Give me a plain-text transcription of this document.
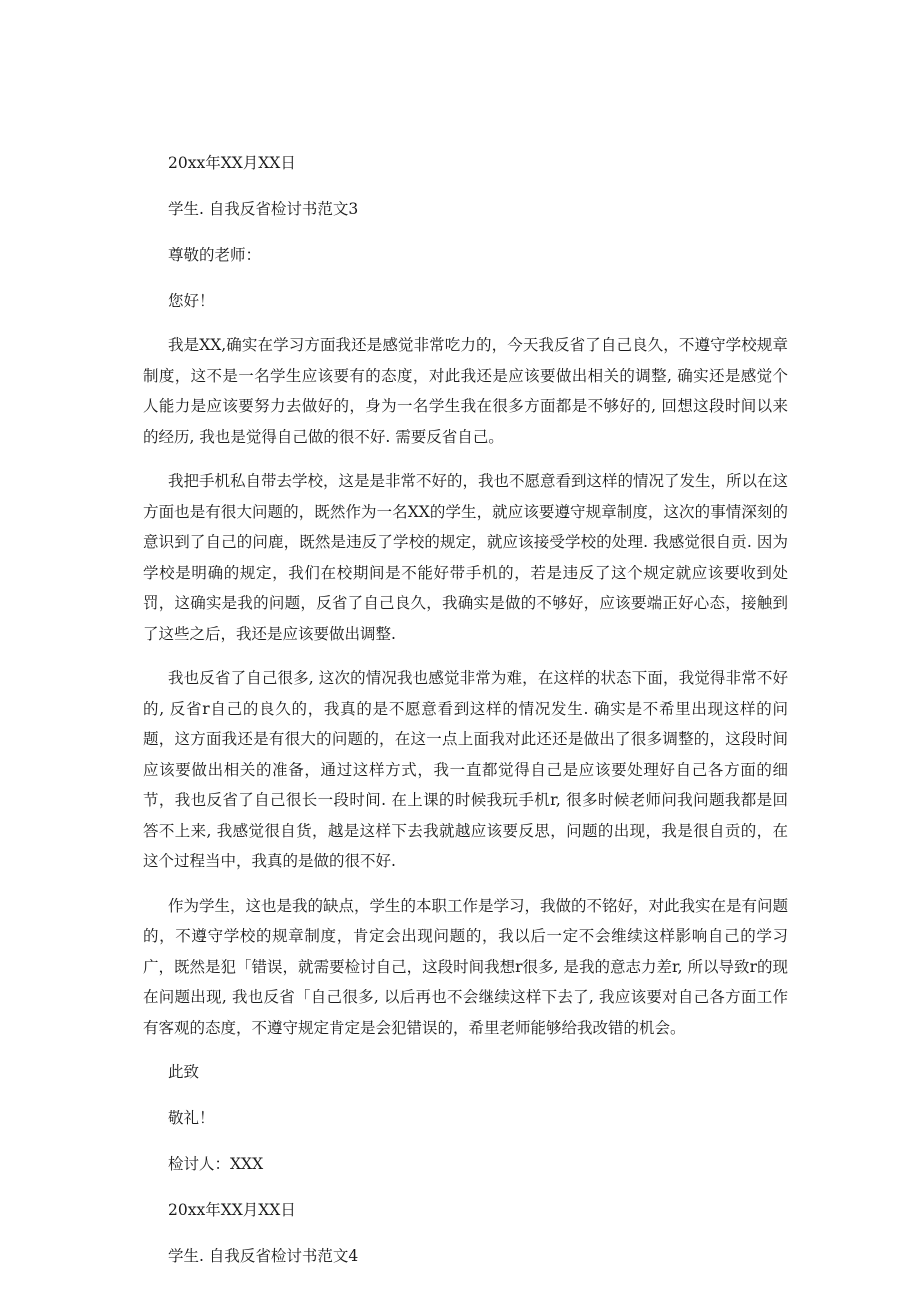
20xx年XX月XX日

学生. 自我反省检讨书范文3

尊敬的老师：

您好！

我是XX,确实在学习方面我还是感觉非常吃力的，今天我反省了自己良久，不遵守学校规章制度，这不是一名学生应该要有的态度，对此我还是应该要做出相关的调整, 确实还是感觉个人能力是应该要努力去做好的，身为一名学生我在很多方面都是不够好的, 回想这段时间以来的经历, 我也是觉得自己做的很不好. 需要反省自己。

我把手机私自带去学校，这是是非常不好的，我也不愿意看到这样的情况了发生，所以在这方面也是有很大问题的，既然作为一名XX的学生，就应该要遵守规章制度，这次的事情深刻的意识到了自己的问鹿，既然是违反了学校的规定，就应该接受学校的处理. 我感觉很自贡. 因为学校是明确的规定，我们在校期间是不能好带手机的，若是违反了这个规定就应该要收到处罚，这确实是我的问题，反省了自己良久，我确实是做的不够好，应该要端正好心态，接触到了这些之后，我还是应该要做出调整.

我也反省了自己很多, 这次的情况我也感觉非常为难，在这样的状态下面，我觉得非常不好的, 反省r自己的良久的，我真的是不愿意看到这样的情况发生. 确实是不希里出现这样的问题，这方面我还是有很大的问题的，在这一点上面我对此还还是做出了很多调整的，这段时间应该要做出相关的准备，通过这样方式，我一直都觉得自己是应该要处理好自己各方面的细节，我也反省了自己很长一段时间. 在上课的时候我玩手机r, 很多时候老师问我问题我都是回答不上来, 我感觉很自货，越是这样下去我就越应该要反思，问题的出现，我是很自贡的，在这个过程当中，我真的是做的很不好.

作为学生，这也是我的缺点，学生的本职工作是学习，我做的不铭好，对此我实在是有问题的，不遵守学校的规章制度，肯定会出现问题的，我以后一定不会维续这样影响自己的学习广，既然是犯「错误，就需要检讨自己，这段时间我想r很多, 是我的意志力差r, 所以导致r的现在问题出现, 我也反省「自己很多, 以后再也不会继续这样下去了, 我应该要对自己各方面工作有客观的态度，不遵守规定肯定是会犯错误的，希里老师能够给我改错的机会。

此致

敬礼！

检讨人：XXX

20xx年XX月XX日

学生. 自我反省检讨书范文4
